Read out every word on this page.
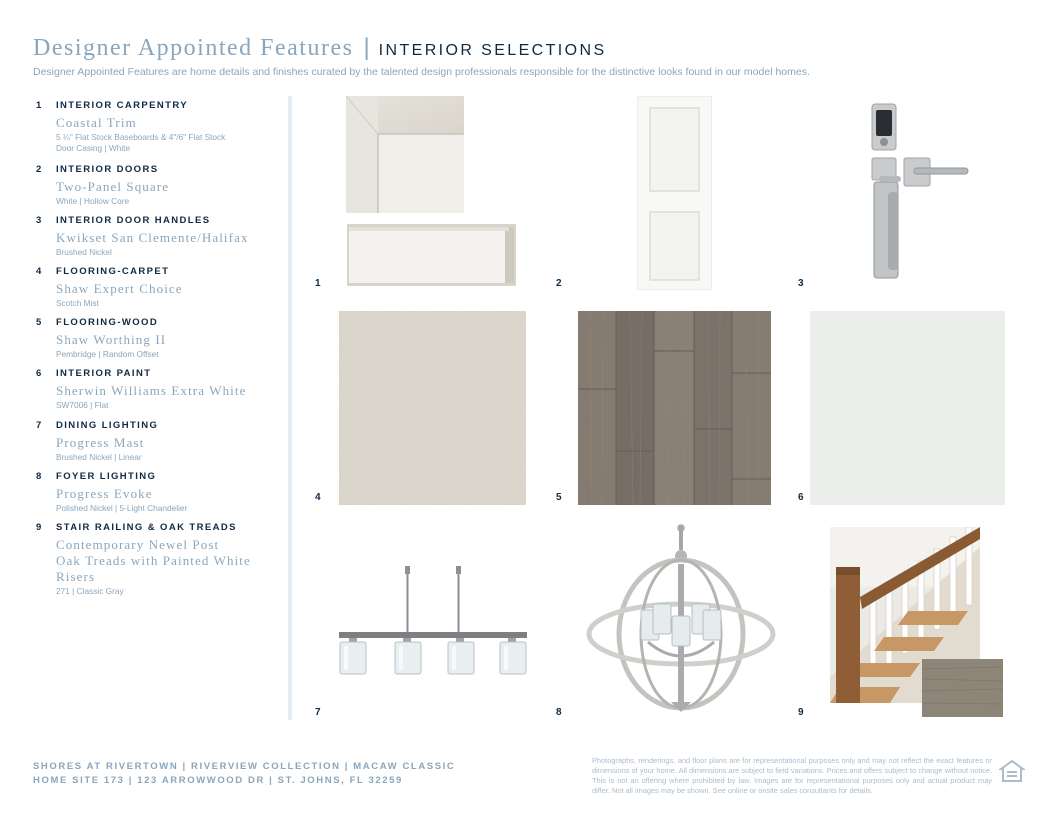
Designer Appointed Features | INTERIOR SELECTIONS
Designer Appointed Features are home details and finishes curated by the talented design professionals responsible for the distinctive looks found in our model homes.
1	INTERIOR CARPENTRY
Coastal Trim
5 ¼" Flat Stock Baseboards & 4"/6" Flat Stock
Door Casing | White
2	INTERIOR DOORS
Two-Panel Square
White | Hollow Core
3	INTERIOR DOOR HANDLES
Kwikset San Clemente/Halifax
Brushed Nickel
4	FLOORING-CARPET
Shaw Expert Choice
Scotch Mist
5	FLOORING-WOOD
Shaw Worthing II
Pembridge | Random Offset
6	INTERIOR PAINT
Sherwin Williams Extra White
SW7006 | Flat
7	DINING LIGHTING
Progress Mast
Brushed Nickel | Linear
8	FOYER LIGHTING
Progress Evoke
Polished Nickel | 5-Light Chandelier
9	STAIR RAILING & OAK TREADS
Contemporary Newel Post
Oak Treads with Painted White
Risers
271 | Classic Gray
1	2	3
4	5	6
7	8	9
SHORES AT RIVERTOWN | RIVERVIEW COLLECTION | MACAW CLASSIC
HOME SITE 173 | 123 ARROWWOOD DR | ST. JOHNS, FL 32259
Photographs, renderings, and floor plans are for representational purposes only and may not reflect the exact features or dimensions of your home. All dimensions are subject to field variations. Prices and offers subject to change without notice. This is not an offering where prohibited by law. Images are for representational purposes only and actual product may differ. Not all images may be shown. See online or onsite sales consultants for details.
